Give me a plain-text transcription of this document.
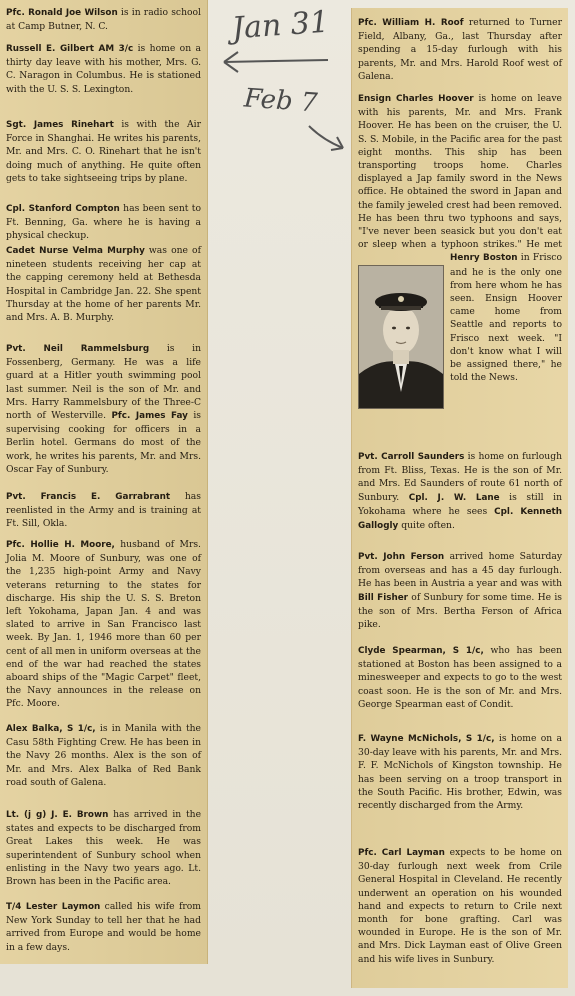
Pfc. Ronald Joe Wilson is in radio school at Camp Butner, N. C.

Russell E. Gilbert AM 3/c is home on a thirty day leave with his mother, Mrs. G. C. Naragon in Columbus. He is stationed with the U. S. S. Lexington.

Sgt. James Rinehart is with the Air Force in Shanghai. He writes his parents, Mr. and Mrs. C. O. Rinehart that he isn't doing much of anything. He quite often gets to take sightseeing trips by plane.

Cpl. Stanford Compton has been sent to Ft. Benning, Ga. where he is having a physical checkup.

Cadet Nurse Velma Murphy was one of nineteen students receiving her cap at the capping ceremony held at Bethesda Hospital in Cambridge Jan. 22. She spent Thursday at the home of her parents Mr. and Mrs. A. B. Murphy.

Pvt. Neil Rammelsburg is in Fossenberg, Germany. He was a life guard at a Hitler youth swimming pool last summer. Neil is the son of Mr. and Mrs. Harry Rammelsbury of the Three-C north of Westerville. Pfc. James Fay is supervising cooking for officers in a Berlin hotel. Germans do most of the work, he writes his parents, Mr. and Mrs. Oscar Fay of Sunbury.

Pvt. Francis E. Garrabrant has reenlisted in the Army and is training at Ft. Sill, Okla.

Pfc. Hollie H. Moore, husband of Mrs. Jolia M. Moore of Sunbury, was one of the 1,235 high-point Army and Navy veterans returning to the states for discharge. His ship the U. S. S. Breton left Yokohama, Japan Jan. 4 and was slated to arrive in San Francisco last week. By Jan. 1, 1946 more than 60 per cent of all men in uniform overseas at the end of the war had reached the states aboard ships of the "Magic Carpet" fleet, the Navy announces in the release on Pfc. Moore.

Alex Balka, S 1/c, is in Manila with the Casu 58th Fighting Crew. He has been in the Navy 26 months. Alex is the son of Mr. and Mrs. Alex Balka of Red Bank road south of Galena.

Lt. (j g) J. E. Brown has arrived in the states and expects to be discharged from Great Lakes this week. He was superintendent of Sunbury school when enlisting in the Navy two years ago. Lt. Brown has been in the Pacific area.

T/4 Lester Laymon called his wife from New York Sunday to tell her that he had arrived from Europe and would be home in a few days.

Jan 31
Feb 7

Pfc. William H. Roof returned to Turner Field, Albany, Ga., last Thursday after spending a 15-day furlough with his parents, Mr. and Mrs. Harold Roof west of Galena.

Ensign Charles Hoover is home on leave with his parents, Mr. and Mrs. Frank Hoover. He has been on the cruiser, the U. S. S. Mobile, in the Pacific area for the past eight months. This ship has been transporting troops home. Charles displayed a Jap family sword in the News office. He obtained the sword in Japan and the family jeweled crest had been removed. He has been thru two typhoons and says, "I've never been seasick but you don't eat or sleep when a typhoon strikes." He met
Henry Boston in Frisco and he is the only one from here whom he has seen. Ensign Hoover came home from Seattle and reports to Frisco next week. "I don't know what I will be assigned there," he told the News.

Pvt. Carroll Saunders is home on furlough from Ft. Bliss, Texas. He is the son of Mr. and Mrs. Ed Saunders of route 61 north of Sunbury. Cpl. J. W. Lane is still in Yokohama where he sees Cpl. Kenneth Gallogly quite often.

Pvt. John Ferson arrived home Saturday from overseas and has a 45 day furlough. He has been in Austria a year and was with Bill Fisher of Sunbury for some time. He is the son of Mrs. Bertha Ferson of Africa pike.

Clyde Spearman, S 1/c, who has been stationed at Boston has been assigned to a minesweeper and expects to go to the west coast soon. He is the son of Mr. and Mrs. George Spearman east of Condit.

F. Wayne McNichols, S 1/c, is home on a 30-day leave with his parents, Mr. and Mrs. F. F. McNichols of Kingston township. He has been serving on a troop transport in the South Pacific. His brother, Edwin, was recently discharged from the Army.

Pfc. Carl Layman expects to be home on 30-day furlough next week from Crile General Hospital in Cleveland. He recently underwent an operation on his wounded hand and expects to return to Crile next month for bone grafting. Carl was wounded in Europe. He is the son of Mr. and Mrs. Dick Layman east of Olive Green and his wife lives in Sunbury.
